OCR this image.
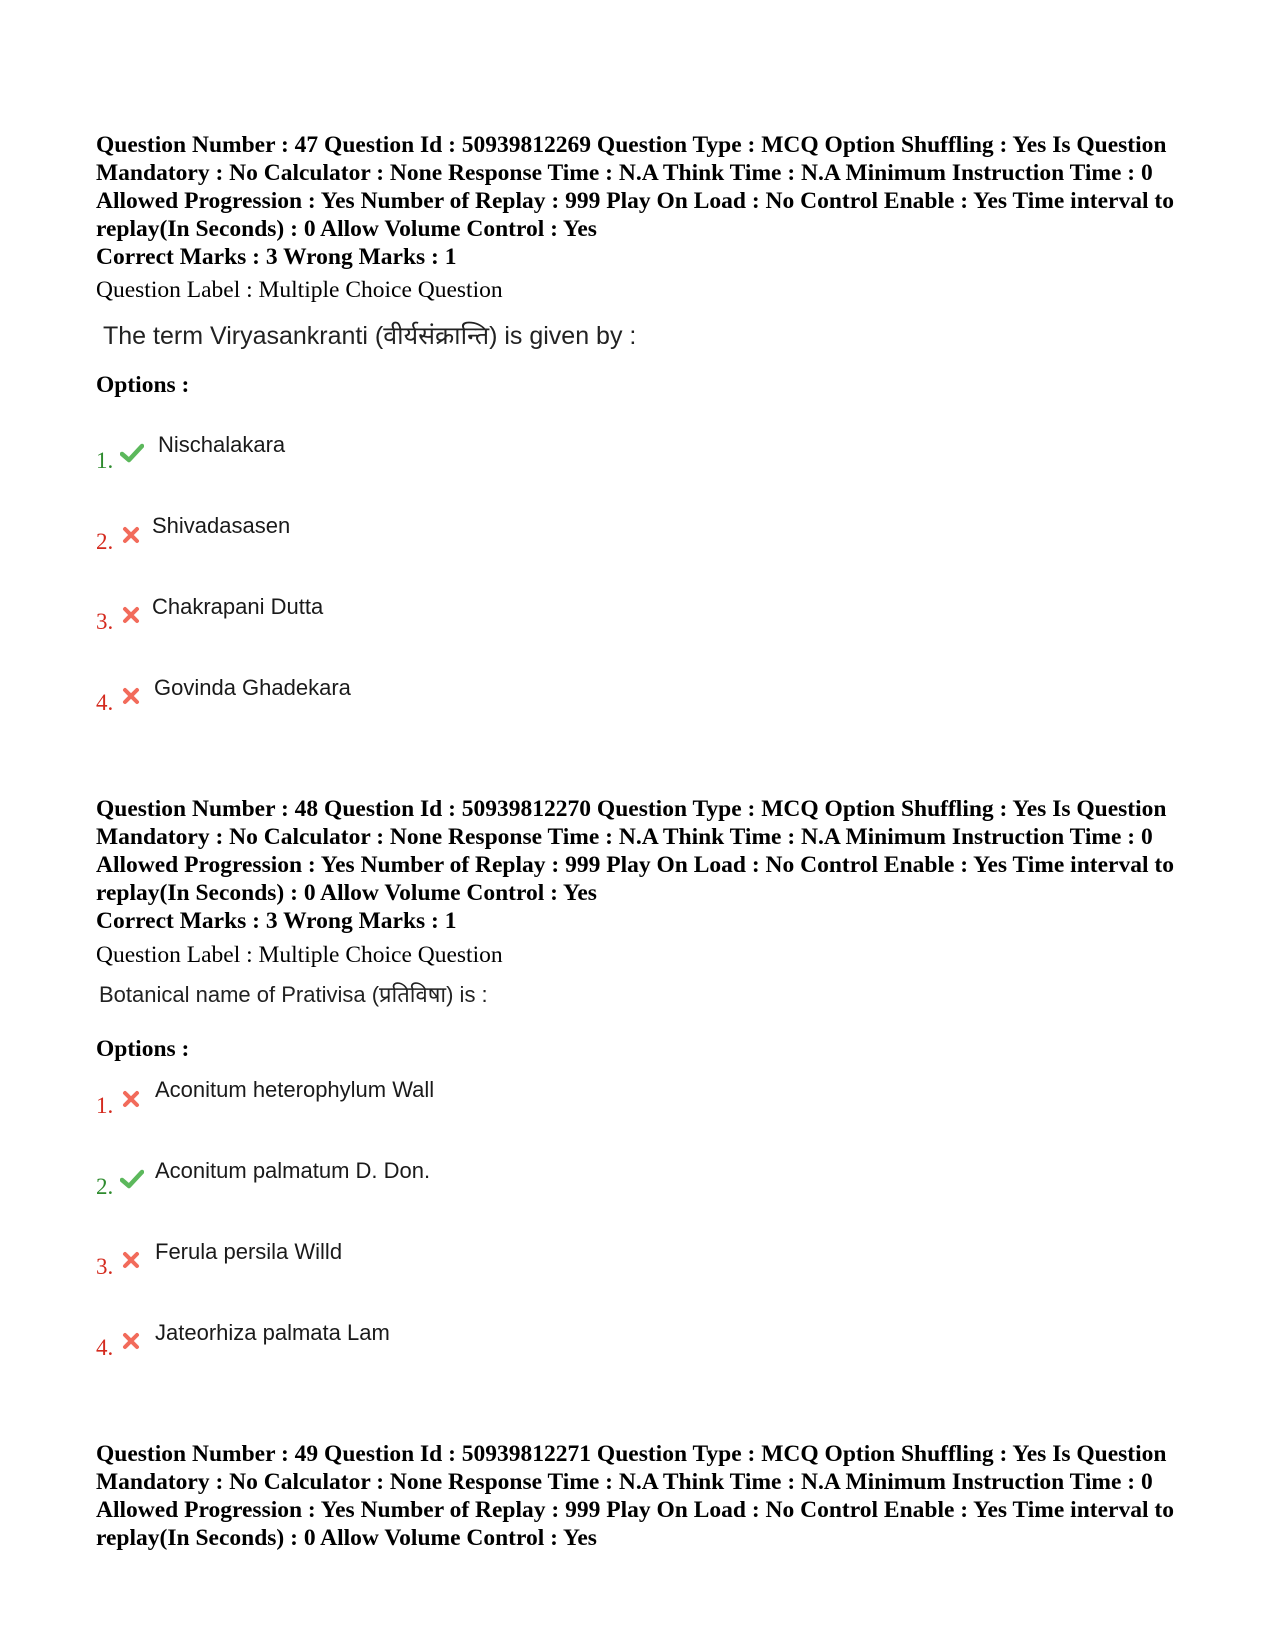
Question Number : 47 Question Id : 50939812269 Question Type : MCQ Option Shuffling : Yes Is Question Mandatory : No Calculator : None Response Time : N.A Think Time : N.A Minimum Instruction Time : 0 Allowed Progression : Yes Number of Replay : 999 Play On Load : No Control Enable : Yes Time interval to replay(In Seconds) : 0 Allow Volume Control : Yes

Correct Marks : 3 Wrong Marks : 1

Question Label : Multiple Choice Question

The term Viryasankranti (वीर्यसंक्रान्ति) is given by :

Options :

1.
Nischalakara
2.
Shivadasasen
3.
Chakrapani Dutta
4.
Govinda Ghadekara

Question Number : 48 Question Id : 50939812270 Question Type : MCQ Option Shuffling : Yes Is Question Mandatory : No Calculator : None Response Time : N.A Think Time : N.A Minimum Instruction Time : 0 Allowed Progression : Yes Number of Replay : 999 Play On Load : No Control Enable : Yes Time interval to replay(In Seconds) : 0 Allow Volume Control : Yes

Correct Marks : 3 Wrong Marks : 1

Question Label : Multiple Choice Question

Botanical name of Prativisa (प्रतिविषा) is :

Options :

1.
Aconitum heterophylum Wall
2.
Aconitum palmatum D. Don.
3.
Ferula persila Willd
4.
Jateorhiza palmata Lam

Question Number : 49 Question Id : 50939812271 Question Type : MCQ Option Shuffling : Yes Is Question Mandatory : No Calculator : None Response Time : N.A Think Time : N.A Minimum Instruction Time : 0 Allowed Progression : Yes Number of Replay : 999 Play On Load : No Control Enable : Yes Time interval to replay(In Seconds) : 0 Allow Volume Control : Yes
